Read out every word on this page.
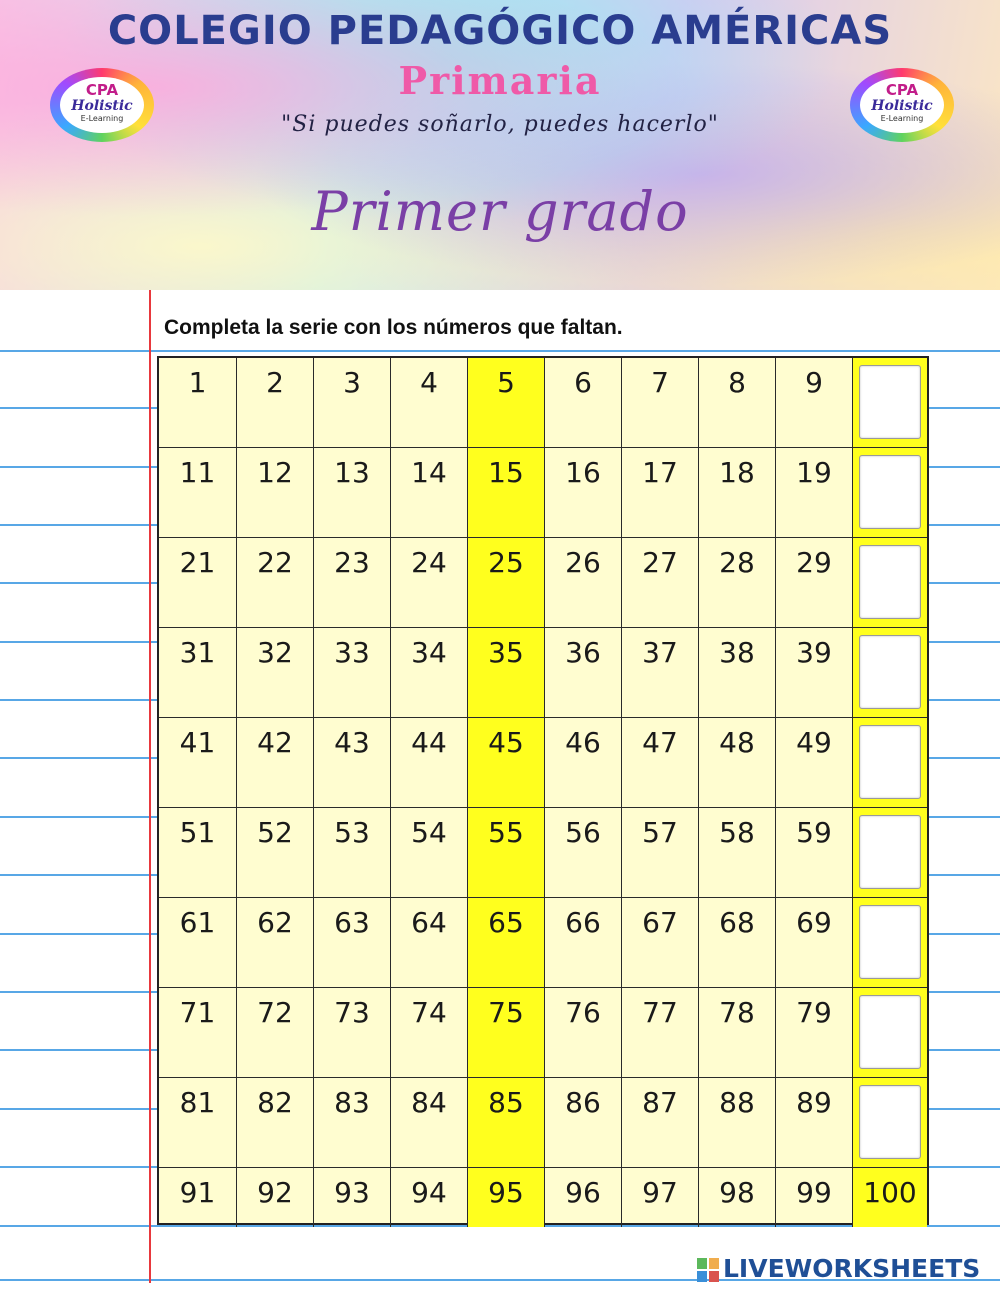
COLEGIO PEDAGÓGICO AMÉRICAS
Primaria
"Si puedes soñarlo, puedes hacerlo"
Primer grado
CPA
Holistic
E-Learning
CPA
Holistic
E-Learning
Completa la serie con los números que faltan.
1	2	3	4	5	6	7	8	9
11	12	13	14	15	16	17	18	19
21	22	23	24	25	26	27	28	29
31	32	33	34	35	36	37	38	39
41	42	43	44	45	46	47	48	49
51	52	53	54	55	56	57	58	59
61	62	63	64	65	66	67	68	69
71	72	73	74	75	76	77	78	79
81	82	83	84	85	86	87	88	89
91	92	93	94	95	96	97	98	99	100
LIVEWORKSHEETS
